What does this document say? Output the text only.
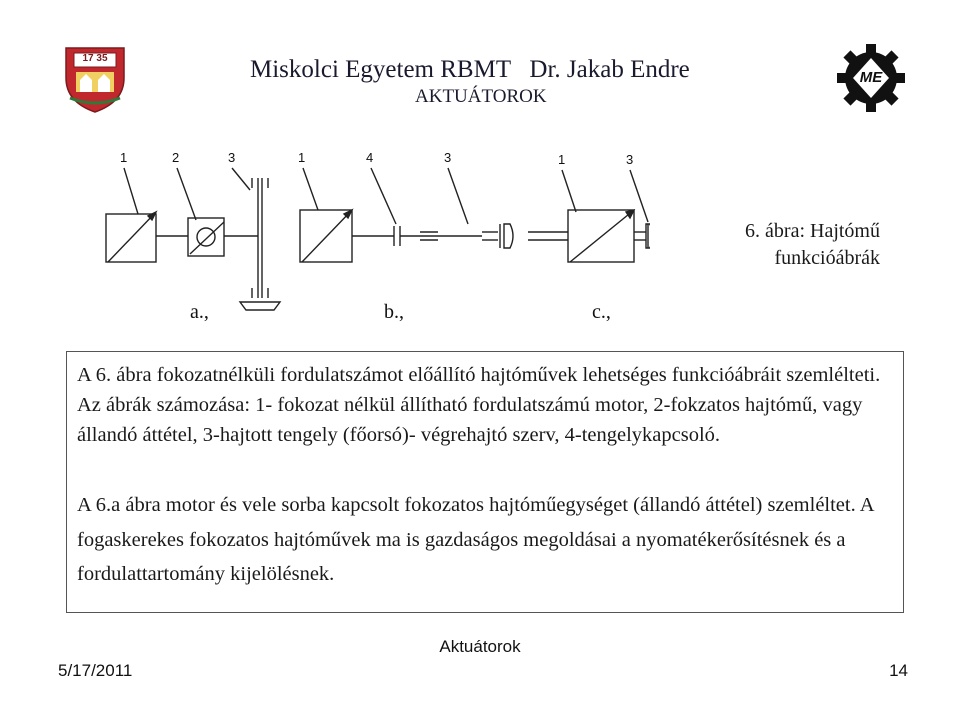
17 35	Miskolci Egyetem RBMT   Dr. Jakab Endre
AKTUÁTOROK
ME
1	2	3
a.,
1	4	3
b.,
1	3
c.,
6. ábra: Hajtómű
funkcióábrák

A 6. ábra fokozatnélküli fordulatszámot előállító hajtóművek lehetséges funkcióábráit szemlélteti. Az ábrák számozása: 1- fokozat nélkül állítható fordulatszámú motor, 2-fokzatos hajtómű, vagy állandó áttétel, 3-hajtott tengely (főorsó)- végrehajtó szerv, 4-tengelykapcsoló.

A 6.a ábra motor és vele sorba kapcsolt fokozatos hajtóműegységet (állandó áttétel) szemléltet. A fogaskerekes fokozatos hajtóművek ma is gazdaságos megoldásai a nyomatékerősítésnek és a fordulattartomány kijelölésnek.

Aktuátorok
5/17/2011	14
